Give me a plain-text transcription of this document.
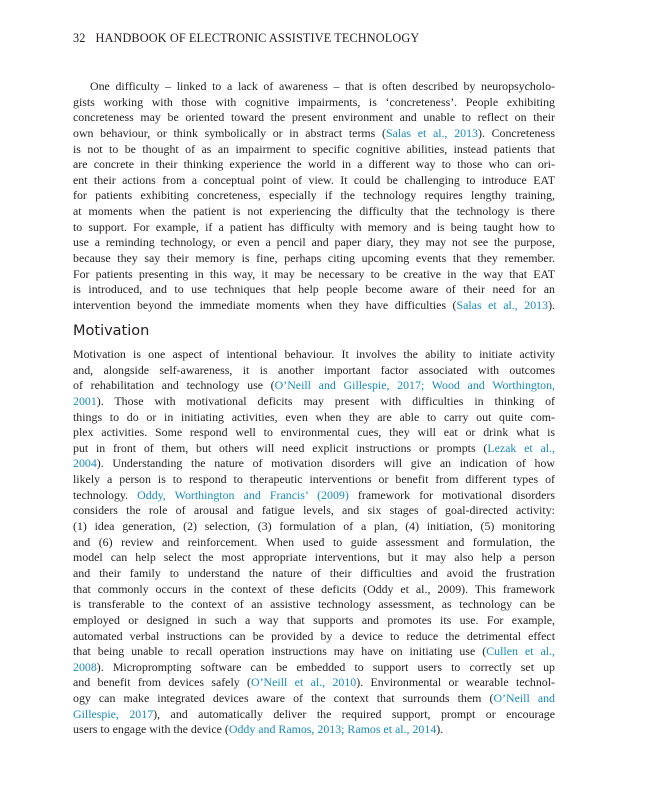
32 HANDBOOK OF ELECTRONIC ASSISTIVE TECHNOLOGY
One difficulty – linked to a lack of awareness – that is often described by neuropsycholo-
gists working with those with cognitive impairments, is ‘concreteness’. People exhibiting
concreteness may be oriented toward the present environment and unable to reflect on their
own behaviour, or think symbolically or in abstract terms (Salas et al., 2013). Concreteness
is not to be thought of as an impairment to specific cognitive abilities, instead patients that
are concrete in their thinking experience the world in a different way to those who can ori-
ent their actions from a conceptual point of view. It could be challenging to introduce EAT
for patients exhibiting concreteness, especially if the technology requires lengthy training,
at moments when the patient is not experiencing the difficulty that the technology is there
to support. For example, if a patient has difficulty with memory and is being taught how to
use a reminding technology, or even a pencil and paper diary, they may not see the purpose,
because they say their memory is fine, perhaps citing upcoming events that they remember.
For patients presenting in this way, it may be necessary to be creative in the way that EAT
is introduced, and to use techniques that help people become aware of their need for an
intervention beyond the immediate moments when they have difficulties (Salas et al., 2013).
Motivation
Motivation is one aspect of intentional behaviour. It involves the ability to initiate activity
and, alongside self-awareness, it is another important factor associated with outcomes
of rehabilitation and technology use (O’Neill and Gillespie, 2017; Wood and Worthington,
2001). Those with motivational deficits may present with difficulties in thinking of
things to do or in initiating activities, even when they are able to carry out quite com-
plex activities. Some respond well to environmental cues, they will eat or drink what is
put in front of them, but others will need explicit instructions or prompts (Lezak et al.,
2004). Understanding the nature of motivation disorders will give an indication of how
likely a person is to respond to therapeutic interventions or benefit from different types of
technology. Oddy, Worthington and Francis’ (2009) framework for motivational disorders
considers the role of arousal and fatigue levels, and six stages of goal-directed activity:
(1) idea generation, (2) selection, (3) formulation of a plan, (4) initiation, (5) monitoring
and (6) review and reinforcement. When used to guide assessment and formulation, the
model can help select the most appropriate interventions, but it may also help a person
and their family to understand the nature of their difficulties and avoid the frustration
that commonly occurs in the context of these deficits (Oddy et al., 2009). This framework
is transferable to the context of an assistive technology assessment, as technology can be
employed or designed in such a way that supports and promotes its use. For example,
automated verbal instructions can be provided by a device to reduce the detrimental effect
that being unable to recall operation instructions may have on initiating use (Cullen et al.,
2008). Microprompting software can be embedded to support users to correctly set up
and benefit from devices safely (O’Neill et al., 2010). Environmental or wearable technol-
ogy can make integrated devices aware of the context that surrounds them (O’Neill and
Gillespie, 2017), and automatically deliver the required support, prompt or encourage
users to engage with the device (Oddy and Ramos, 2013; Ramos et al., 2014).
